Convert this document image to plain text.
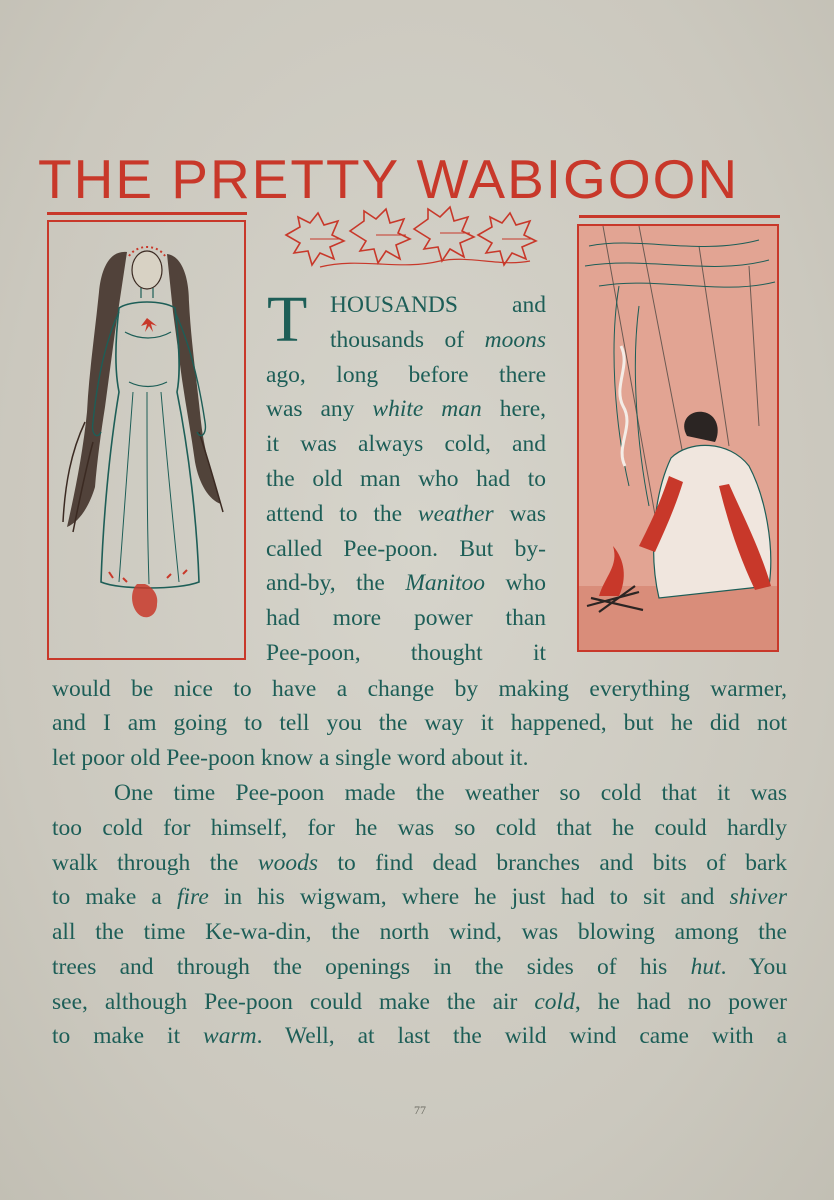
THE PRETTY WABIGOON
T HOUSANDS and

thousands of moons

ago, long before there

was any white man here,

it was always cold, and

the old man who had to

attend to the weather was

called Pee-poon. But by-

and-by, the Manitoo who

had more power than

Pee-poon, thought it

would be nice to have a change by making everything warmer,

and I am going to tell you the way it happened, but he did not

let poor old Pee-poon know a single word about it.

One time Pee-poon made the weather so cold that it was

too cold for himself, for he was so cold that he could hardly

walk through the woods to find dead branches and bits of bark

to make a fire in his wigwam, where he just had to sit and shiver

all the time Ke-wa-din, the north wind, was blowing among the

trees and through the openings in the sides of his hut. You

see, although Pee-poon could make the air cold, he had no power

to make it warm. Well, at last the wild wind came with a

77
